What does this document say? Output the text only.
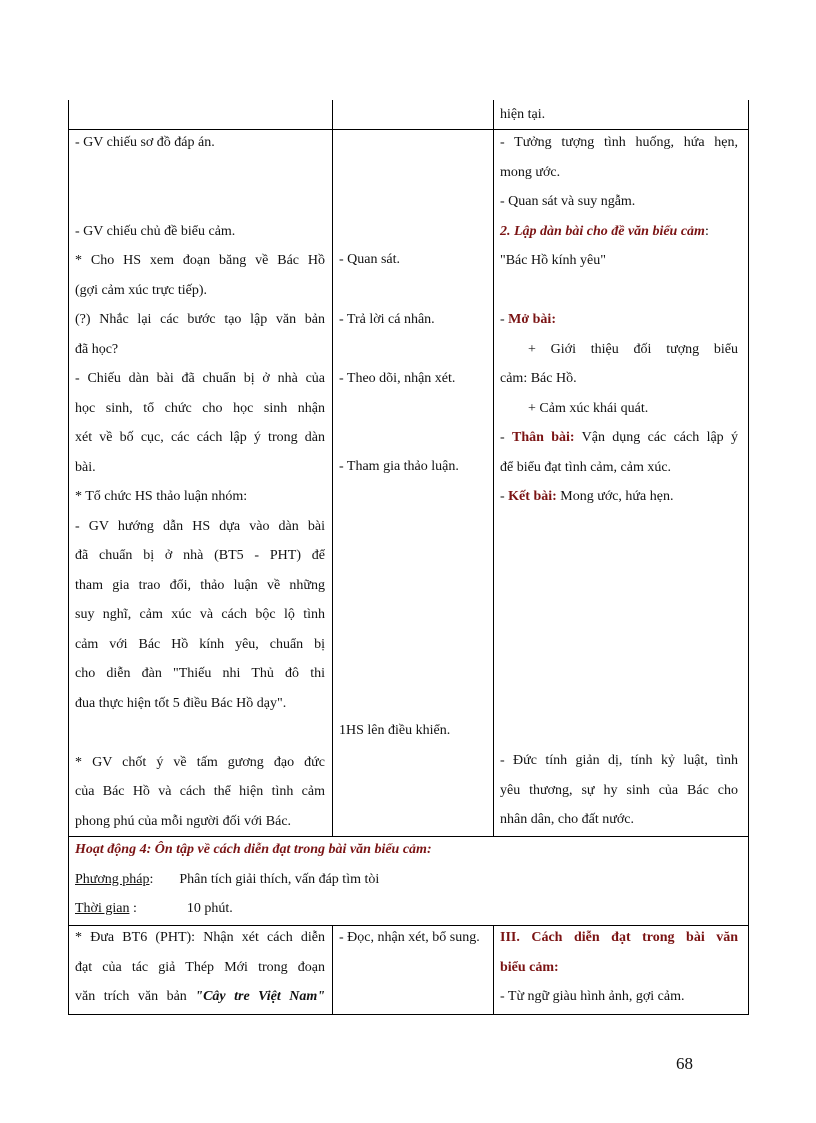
hiện tại.

- GV chiếu sơ đồ đáp án.

- GV chiếu chủ đề biểu cảm.

* Cho HS xem đoạn băng về Bác Hồ

(gợi cảm xúc trực tiếp).

(?) Nhắc lại các bước tạo lập văn bản

đã học?

- Chiếu dàn bài đã chuẩn bị ở nhà của

học sinh, tổ chức cho học sinh nhận

xét về bố cục, các cách lập ý trong dàn

bài.

* Tổ chức HS thảo luận nhóm:

- GV hướng dẫn HS dựa vào dàn bài

đã chuẩn bị ở nhà (BT5 - PHT) để

tham gia trao đổi, thảo luận về những

suy nghĩ, cảm xúc và cách bộc lộ tình

cảm với Bác Hồ kính yêu, chuẩn bị

cho diễn đàn "Thiếu nhi Thủ đô thi

đua thực hiện tốt 5 điều Bác Hồ dạy".

* GV chốt ý về tấm gương đạo đức

của Bác Hồ và cách thể hiện tình cảm

phong phú của mỗi người đối với Bác.

- Quan sát.
- Trả lời cá nhân.
- Theo dõi, nhận xét.
- Tham gia thảo luận.
1HS lên điều khiển.

- Tưởng tượng tình huống, hứa hẹn,

mong ước.

- Quan sát và suy ngẫm.

2. Lập dàn bài cho đề văn biểu cảm:

"Bác Hồ kính yêu"

- Mở bài:

+ Giới thiệu đối tượng biểu

cảm: Bác Hồ.

+ Cảm xúc khái quát.

- Thân bài: Vận dụng các cách lập ý

để biểu đạt tình cảm, cảm xúc.

- Kết bài: Mong ước, hứa hẹn.

- Đức tính giản dị, tính kỷ luật, tình

yêu thương, sự hy sinh của Bác cho

nhân dân, cho đất nước.

Hoạt động 4: Ôn tập về cách diễn đạt trong bài văn biểu cảm:

Phương pháp: Phân tích giải thích, vấn đáp tìm tòi

Thời gian :	10 phút.

* Đưa BT6 (PHT): Nhận xét cách diễn

đạt của tác giả Thép Mới trong đoạn

văn trích văn bản "Cây tre Việt Nam"

- Đọc, nhận xét, bổ sung.	III. Cách diễn đạt trong bài văn

biểu cảm:

- Từ ngữ giàu hình ảnh, gợi cảm.

68
